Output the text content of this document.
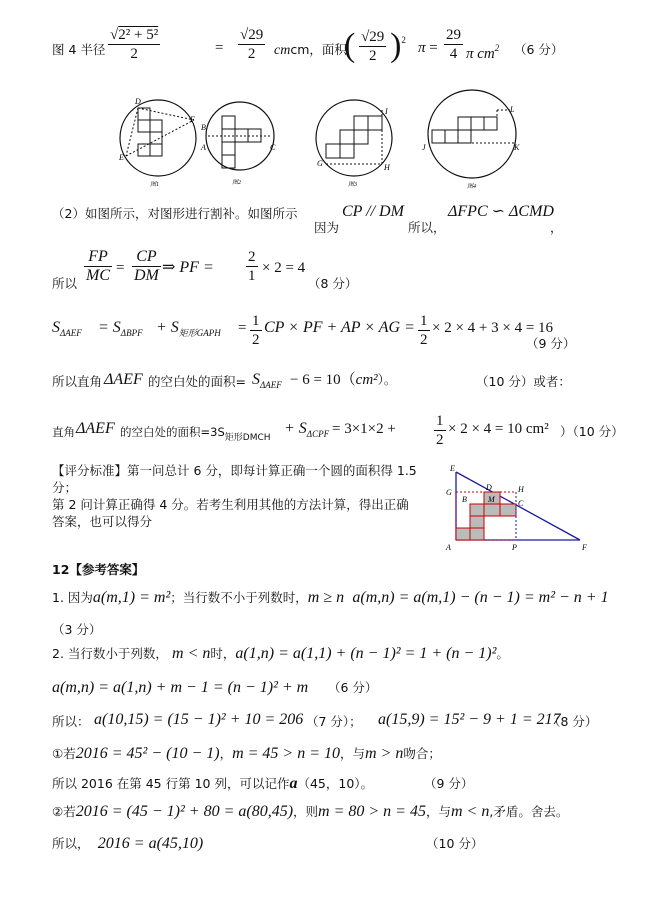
图 4 半径 $\frac{\text{√2² + 5²}}{2}$	= $\frac{√29}{2}$ cmcm，面积
( $\frac{√29}{2} )^2$
$\pi = \frac{29}{4}$ π $cm^2$ （6 分）
D
F
E
图1
B
A	C
图2
I
G	H
图3
L
J	K
图4
（2）如图所示，对图形进行割补。如图所示
因为
CP // DM
所以，
ΔFPC ∽ ΔCMD
，
所以 $\frac{FP}{MC} = \frac{CP}{DM}$ ⇒ PF = $\frac{2}{1} \times 2 = 4$
（8 分）
$S_{\Delta AEF} = S_{\Delta BPF} + S_{矩形GAPH} = \frac{1}{2}$ CP × PF + AP × AG = $\frac{1}{2} \times 2 \times 4 + 3 \times 4 = 16$
（9 分）
所以直角 ΔAEF 的空白处的面积= $S_{\Delta AEF} - 6 = 10(cm^2)$。	（10 分）或者：
直角 ΔAEF 的空白处的面积$=3S_{矩形DMCH}$
+ $S_{\Delta CPF} = 3\times 1\times 2$ +	$\frac{1}{2} \times 2 \times 4 = 10$ cm² ）（10 分）
【评分标准】第一问总计 6 分，即每计算正确一个圆的面积得 1.5
分；
第 2 问计算正确得 4 分。若考生利用其他的方法计算，得出正确
答案，也可以得分
E
G
D	H
B	M	C
A	P	F
12【参考答案】
1. 因为a(m,1) = m²；当行数不小于列数时，m ≥ n a(m,n) = a(m,1) − (n − 1) = m² − n + 1
（3 分）
2. 当行数小于列数， m < n时，a(1,n) = a(1,1) + (n − 1)² = 1 + (n − 1)²。
a(m,n) = a(1,n) + m − 1 = (n − 1)² + m （6 分）
所以： a(10,15) = (15 − 1)² + 10 = 206 （7 分）； a(15,9) = 15² − 9 + 1 = 217
（8 分）
①若2016 = 45² − (10 − 1)，m = 45 > n = 10，与m > n吻合；
所以 2016 在第 45 行第 10 列，可以记作a（45，10）。	（9 分）
②若2016 = (45 − 1)² + 80 = a(80,45)，则m = 80 > n = 45，与m < n,矛盾。舍去。
所以， 2016 = a(45,10)	（10 分）
